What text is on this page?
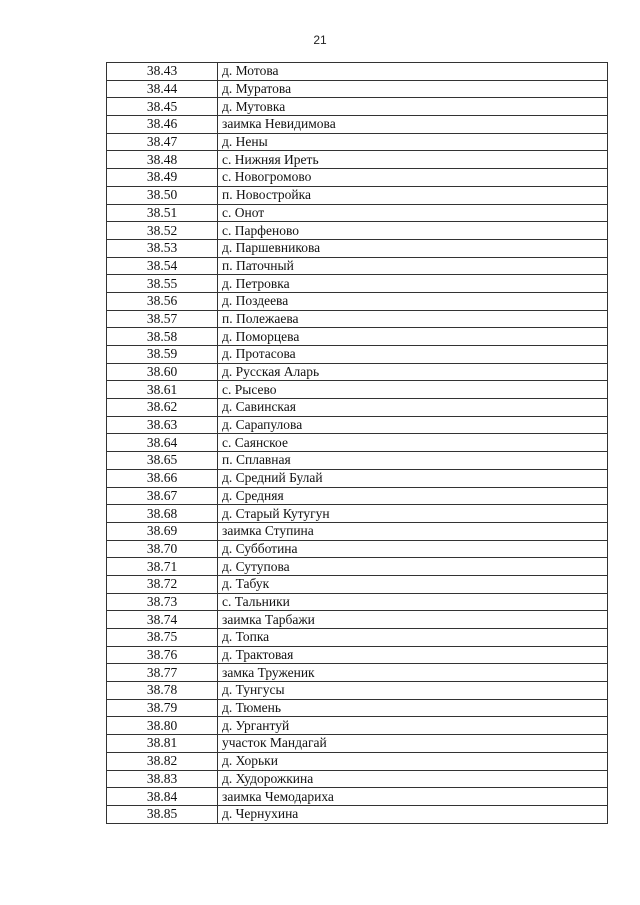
21
38.43	д. Мотова
38.44	д. Муратова
38.45	д. Мутовка
38.46	заимка Невидимова
38.47	д. Нены
38.48	с. Нижняя Иреть
38.49	с. Новогромово
38.50	п. Новостройка
38.51	с. Онот
38.52	с. Парфеново
38.53	д. Паршевникова
38.54	п. Паточный
38.55	д. Петровка
38.56	д. Поздеева
38.57	п. Полежаева
38.58	д. Поморцева
38.59	д. Протасова
38.60	д. Русская Аларь
38.61	с. Рысево
38.62	д. Савинская
38.63	д. Сарапулова
38.64	с. Саянское
38.65	п. Сплавная
38.66	д. Средний Булай
38.67	д. Средняя
38.68	д. Старый Кутугун
38.69	заимка Ступина
38.70	д. Субботина
38.71	д. Сутупова
38.72	д. Табук
38.73	с. Тальники
38.74	заимка Тарбажи
38.75	д. Топка
38.76	д. Трактовая
38.77	замка Труженик
38.78	д. Тунгусы
38.79	д. Тюмень
38.80	д. Ургантуй
38.81	участок Мандагай
38.82	д. Хорьки
38.83	д. Худорожкина
38.84	заимка Чемодариха
38.85	д. Чернухина
